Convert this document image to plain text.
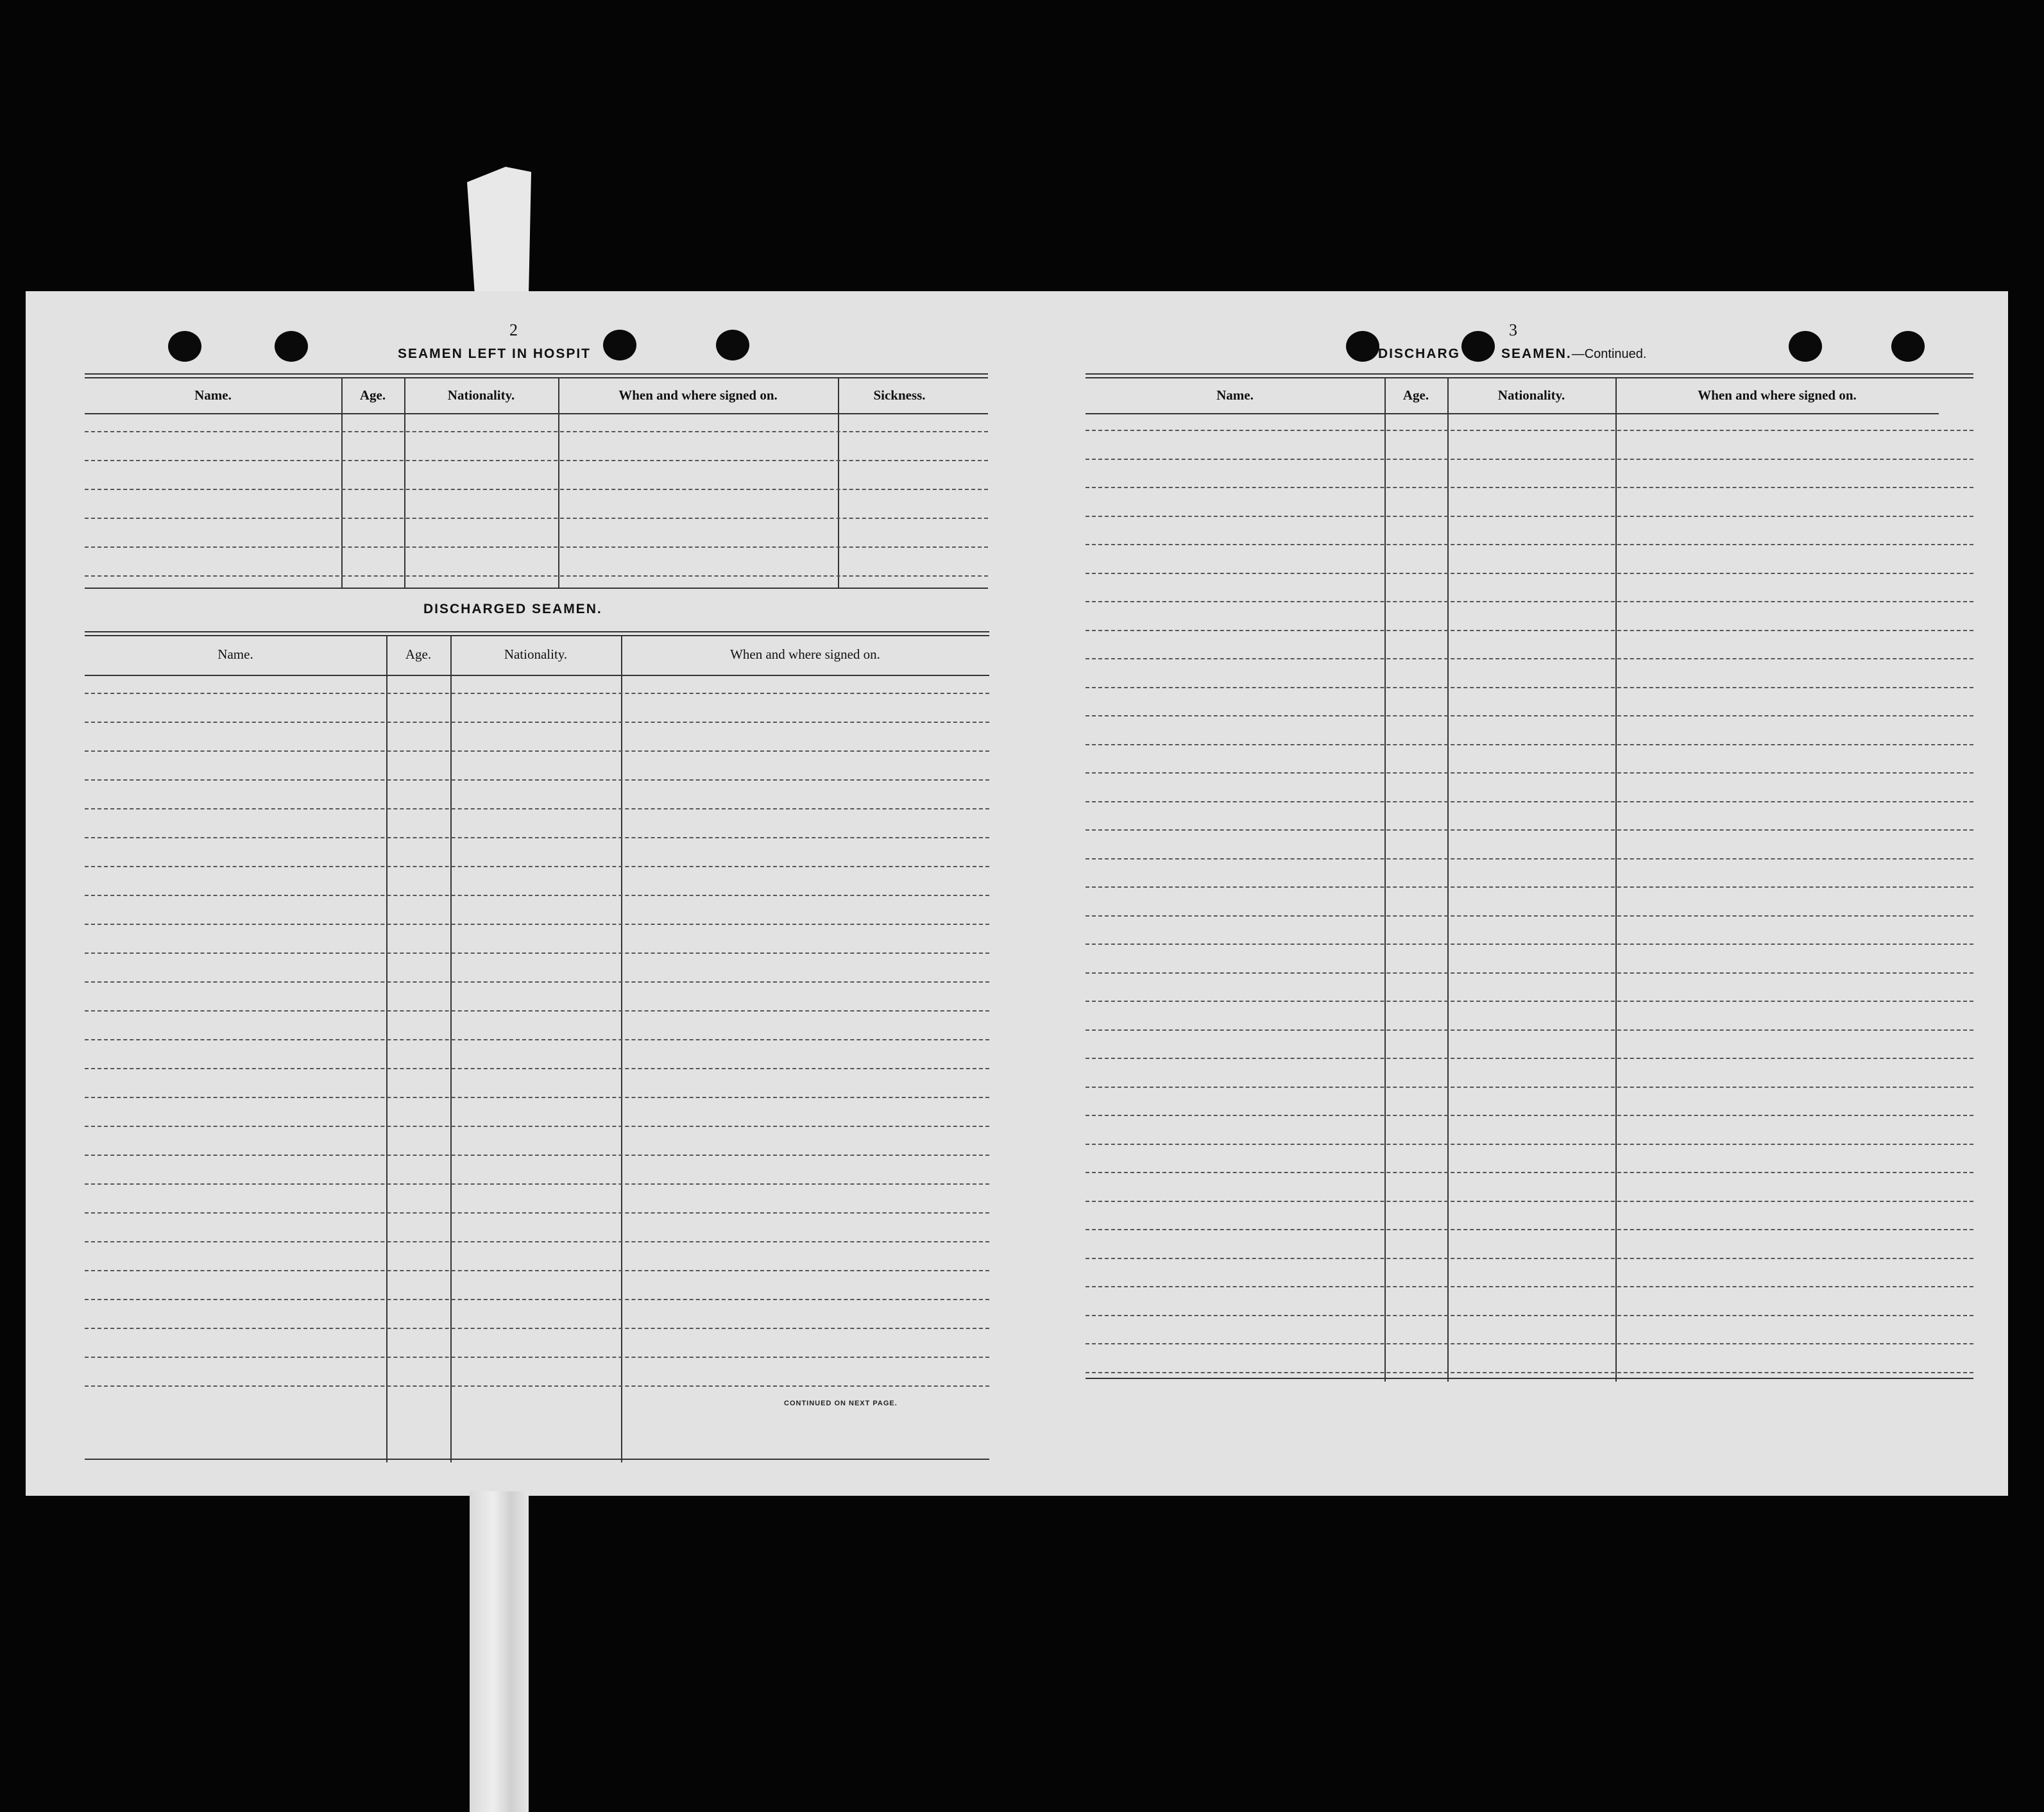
2
SEAMEN LEFT IN HOSPIT
Name.	Age.	Nationality.	When and where signed on.	Sickness.
DISCHARGED SEAMEN.
Name.	Age.	Nationality.	When and where signed on.
CONTINUED ON NEXT PAGE.
3
DISCHARG	SEAMEN.—Continued.
Name.	Age.	Nationality.	When and where signed on.
